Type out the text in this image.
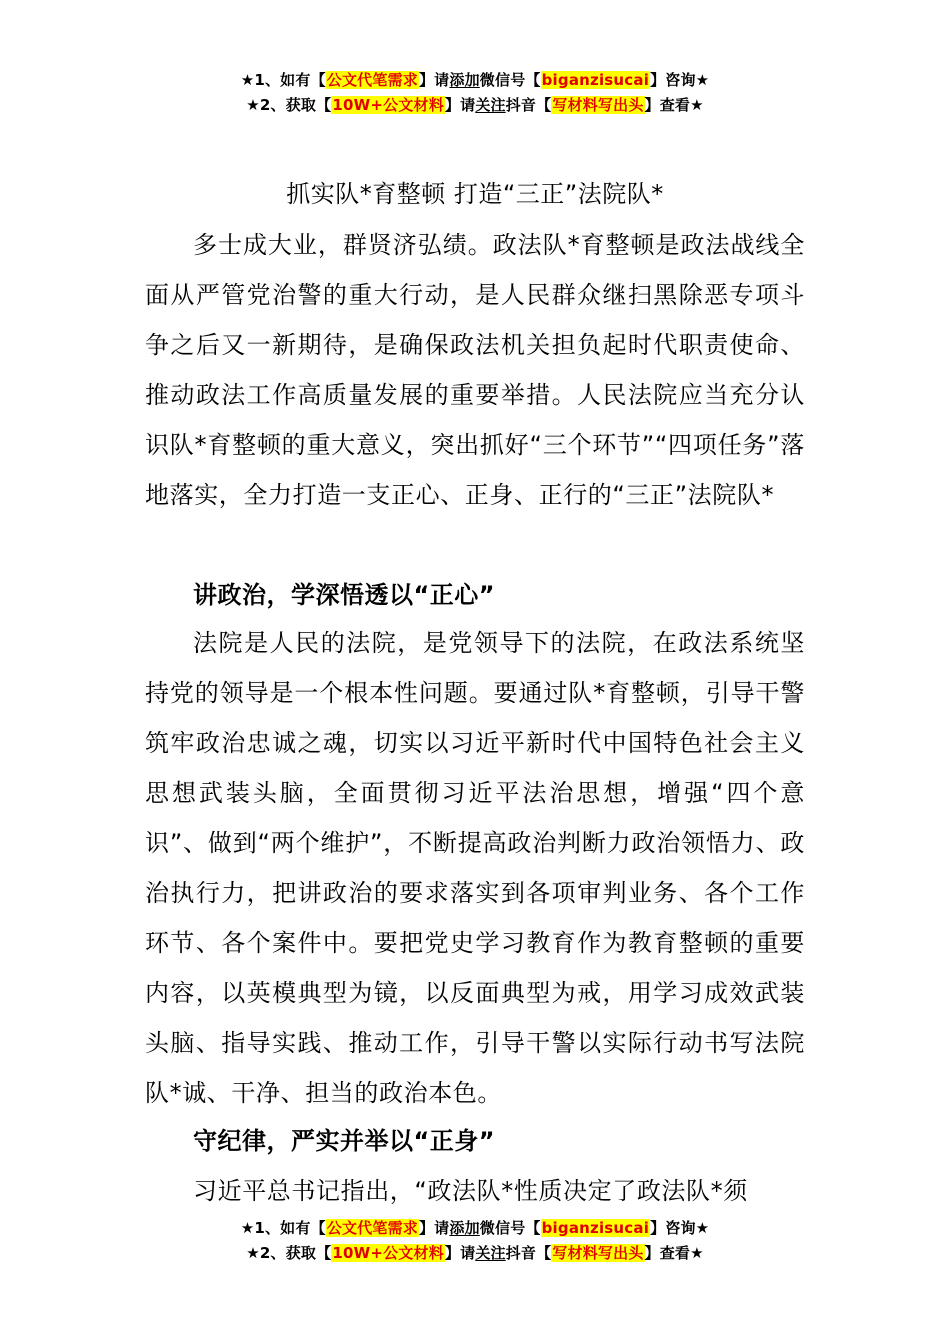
★1、如有【公文代笔需求】请添加微信号【biganzisucai】咨询★
★2、获取【10W+公文材料】请关注抖音【写材料写出头】查看★
抓实队*育整顿 打造“三正”法院队*

多士成大业，群贤济弘绩。政法队*育整顿是政法战线全面从严管党治警的重大行动，是人民群众继扫黑除恶专项斗争之后又一新期待，是确保政法机关担负起时代职责使命、推动政法工作高质量发展的重要举措。人民法院应当充分认识队*育整顿的重大意义，突出抓好“三个环节”“四项任务”落地落实，全力打造一支正心、正身、正行的“三正”法院队*

讲政治，学深悟透以“正心”

法院是人民的法院，是党领导下的法院，在政法系统坚持党的领导是一个根本性问题。要通过队*育整顿，引导干警筑牢政治忠诚之魂，切实以习近平新时代中国特色社会主义思想武装头脑，全面贯彻习近平法治思想，增强“四个意识”、做到“两个维护”，不断提高政治判断力政治领悟力、政治执行力，把讲政治的要求落实到各项审判业务、各个工作环节、各个案件中。要把党史学习教育作为教育整顿的重要内容，以英模典型为镜，以反面典型为戒，用学习成效武装头脑、指导实践、推动工作，引导干警以实际行动书写法院队*诚、干净、担当的政治本色。

守纪律，严实并举以“正身”

习近平总书记指出，“政法队*性质决定了政法队*须

★1、如有【公文代笔需求】请添加微信号【biganzisucai】咨询★
★2、获取【10W+公文材料】请关注抖音【写材料写出头】查看★
